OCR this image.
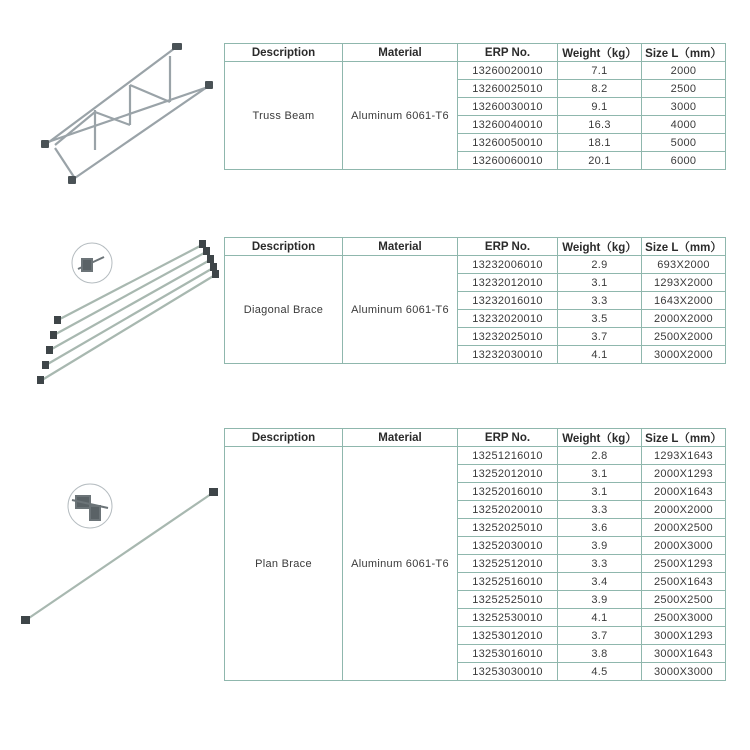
Description	Material	ERP No.	Weight（kg）	Size L（mm）
Truss Beam	Aluminum 6061-T6	13260020010	7.1	2000
		13260025010	8.2	2500
		13260030010	9.1	3000
		13260040010	16.3	4000
		13260050010	18.1	5000
		13260060010	20.1	6000
Description	Material	ERP No.	Weight（kg）	Size L（mm）
Diagonal Brace	Aluminum 6061-T6	13232006010	2.9	693X2000
		13232012010	3.1	1293X2000
		13232016010	3.3	1643X2000
		13232020010	3.5	2000X2000
		13232025010	3.7	2500X2000
		13232030010	4.1	3000X2000
Description	Material	ERP No.	Weight（kg）	Size L（mm）
Plan Brace	Aluminum 6061-T6	13251216010	2.8	1293X1643
		13252012010	3.1	2000X1293
		13252016010	3.1	2000X1643
		13252020010	3.3	2000X2000
		13252025010	3.6	2000X2500
		13252030010	3.9	2000X3000
		13252512010	3.3	2500X1293
		13252516010	3.4	2500X1643
		13252525010	3.9	2500X2500
		13252530010	4.1	2500X3000
		13253012010	3.7	3000X1293
		13253016010	3.8	3000X1643
		13253030010	4.5	3000X3000
